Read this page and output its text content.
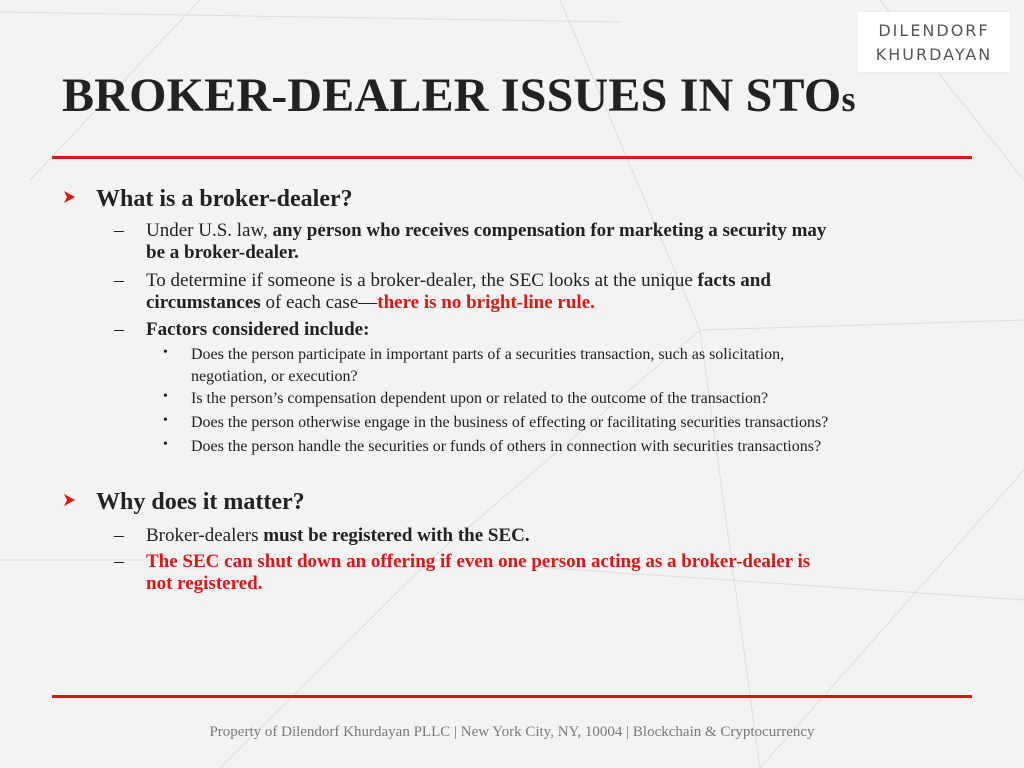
DILENDORF
KHURDAYAN
BROKER-DEALER ISSUES IN STOs
What is a broker-dealer?
– Under U.S. law, any person who receives compensation for marketing a security may
be a broker-dealer.
– To determine if someone is a broker-dealer, the SEC looks at the unique facts and
circumstances of each case—there is no bright-line rule.
– Factors considered include:
• Does the person participate in important parts of a securities transaction, such as solicitation,
negotiation, or execution?
• Is the person’s compensation dependent upon or related to the outcome of the transaction?
• Does the person otherwise engage in the business of effecting or facilitating securities transactions?
• Does the person handle the securities or funds of others in connection with securities transactions?
Why does it matter?
– Broker-dealers must be registered with the SEC.
– The SEC can shut down an offering if even one person acting as a broker-dealer is
not registered.
Property of Dilendorf Khurdayan PLLC | New York City, NY, 10004 | Blockchain & Cryptocurrency
